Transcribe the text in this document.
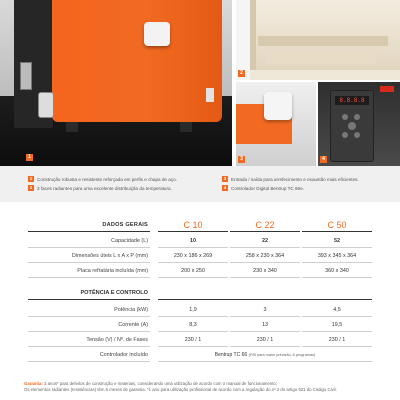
1
2
3
8.8.8.8
4
1	Construção robusta e resistente reforçada em perfis e chapa de aço.
2	3 faces radiantes para uma excelente distribuição da temperatura.
3	Entrada / saída para arrefecimento e exaustão mais eficientes.
4	Controlador Digital Bentrup TC 66e.
DADOS GERAIS	C 10	C 22	C 50
Capacidade (L)	10	22	52
Dimensões úteis L x A x P (mm)	230 x 186 x 269	258 x 230 x 364	393 x 345 x 364
Placa refratária incluída (mm)	200 x 250	230 x 340	360 x 340
POTÊNCIA E CONTROLO
Potência (kW)	1,9	3	4,5
Corrente (A)	8,3	13	19,5
Tensão (V) / Nº. de Fases	230 / 1	230 / 1	230 / 1
Controlador incluído	Bentrup TC 66 (P/B para maior precisão; 8 programas)
Garantia: 3 anos* para defeitos de construção e materiais, considerando uma utilização de acordo com o manual de funcionamento;
Os elementos radiantes (resistências) têm 6 meses de garantia. *1 ano para utilização profissional de acordo com a regulação do nº 2 do artigo 921 do Código Civil.
